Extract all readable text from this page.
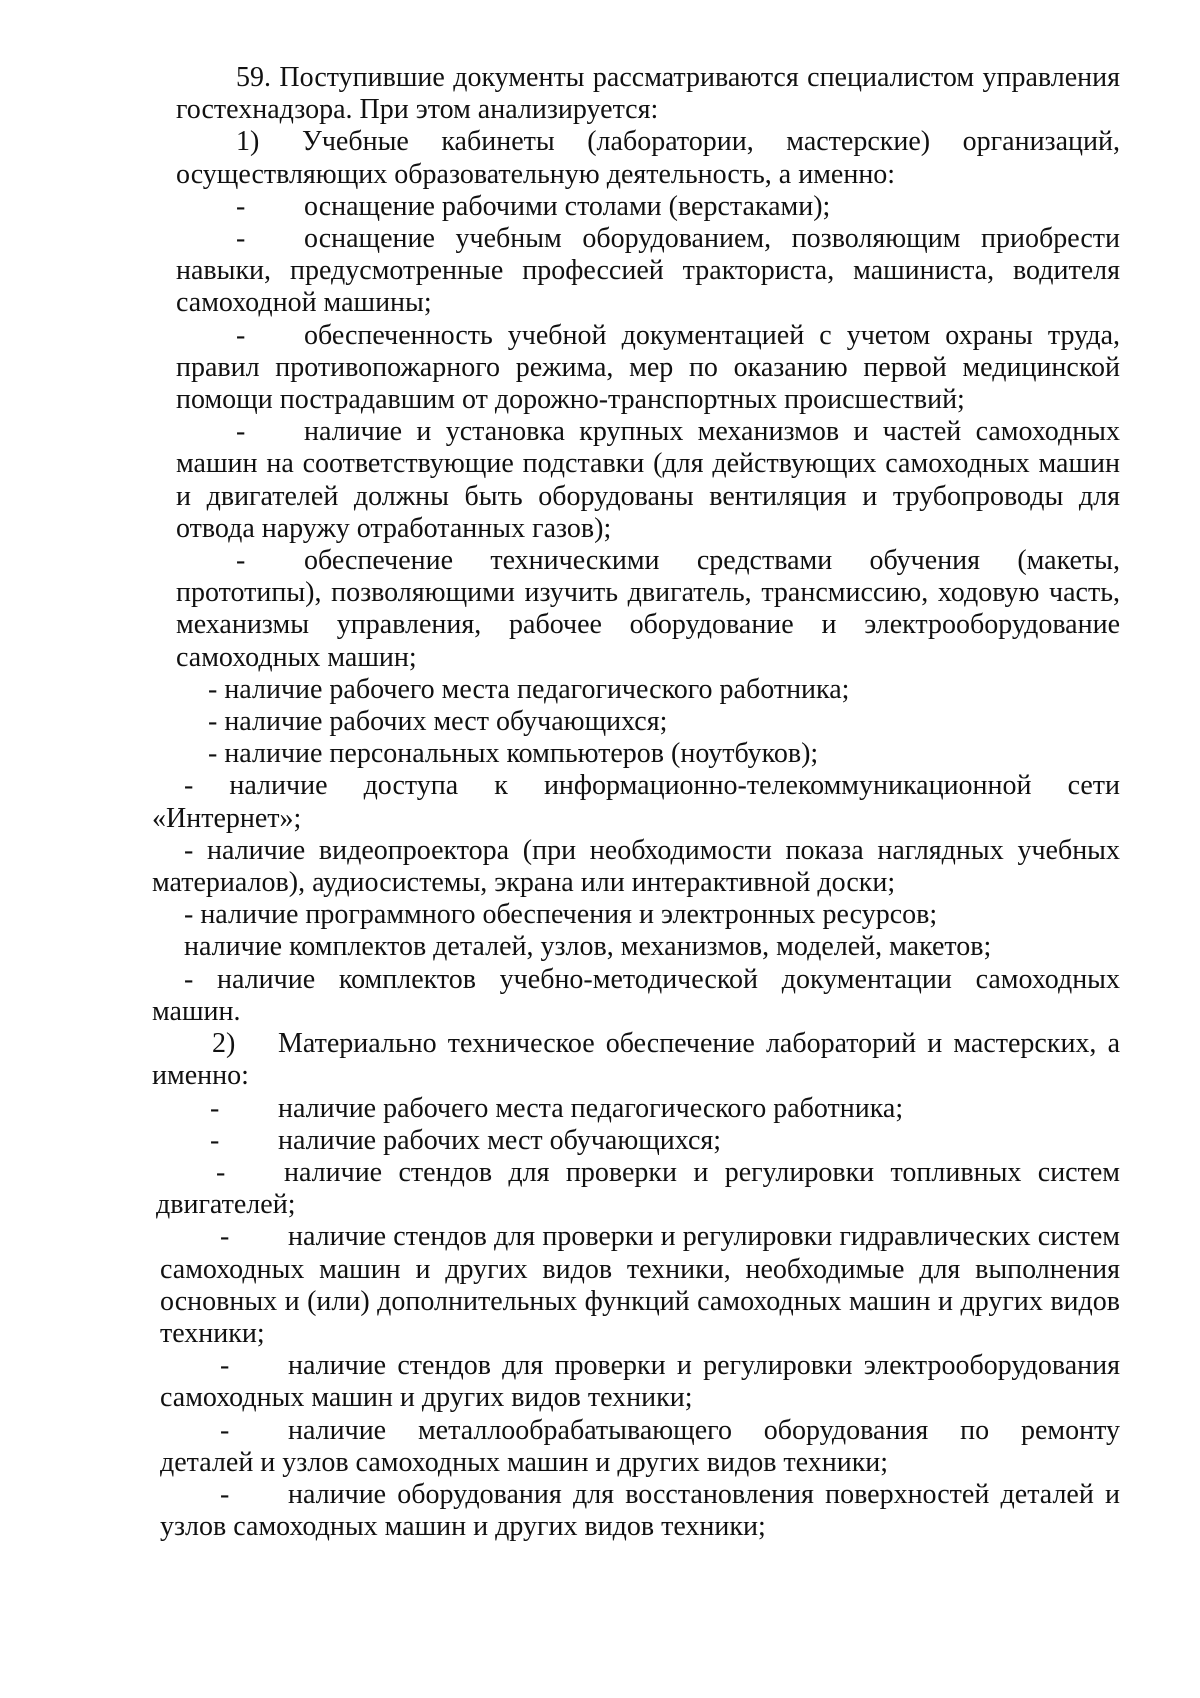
59. Поступившие документы рассматриваются специалистом управления гостехнадзора. При этом анализируется:

1) Учебные кабинеты (лаборатории, мастерские) организаций, осуществляющих образовательную деятельность, а именно:

- оснащение рабочими столами (верстаками);

- оснащение учебным оборудованием, позволяющим приобрести навыки, предусмотренные профессией тракториста, машиниста, водителя самоходной машины;

- обеспеченность учебной документацией с учетом охраны труда, правил противопожарного режима, мер по оказанию первой медицинской помощи пострадавшим от дорожно-транспортных происшествий;

- наличие и установка крупных механизмов и частей самоходных машин на соответствующие подставки (для действующих самоходных машин и двигателей должны быть оборудованы вентиляция и трубопроводы для отвода наружу отработанных газов);

- обеспечение техническими средствами обучения (макеты, прототипы), позволяющими изучить двигатель, трансмиссию, ходовую часть, механизмы управления, рабочее оборудование и электрооборудование самоходных машин;

- наличие рабочего места педагогического работника;

- наличие рабочих мест обучающихся;

- наличие персональных компьютеров (ноутбуков);

- наличие доступа к информационно-телекоммуникационной сети «Интернет»;

- наличие видеопроектора (при необходимости показа наглядных учебных материалов), аудиосистемы, экрана или интерактивной доски;

- наличие программного обеспечения и электронных ресурсов;

наличие комплектов деталей, узлов, механизмов, моделей, макетов;

- наличие комплектов учебно-методической документации самоходных машин.

2) Материально техническое обеспечение лабораторий и мастерских, а именно:

- наличие рабочего места педагогического работника;

- наличие рабочих мест обучающихся;

- наличие стендов для проверки и регулировки топливных систем двигателей;

- наличие стендов для проверки и регулировки гидравлических систем самоходных машин и других видов техники, необходимые для выполнения основных и (или) дополнительных функций самоходных машин и других видов техники;

- наличие стендов для проверки и регулировки электрооборудования самоходных машин и других видов техники;

- наличие металлообрабатывающего оборудования по ремонту деталей и узлов самоходных машин и других видов техники;

- наличие оборудования для восстановления поверхностей деталей и узлов самоходных машин и других видов техники;
